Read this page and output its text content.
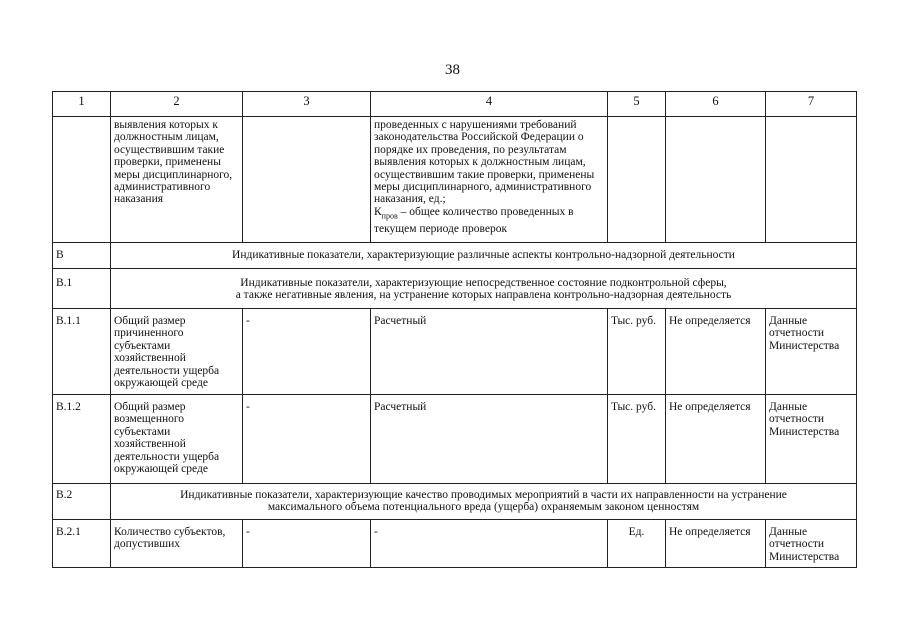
38
1	2	3	4	5	6	7
	выявления которых к должностным лицам, осуществившим такие проверки, применены меры дисциплинарного, административного наказания		проведенных с нарушениями требований законодательства Российской Федерации о порядке их проведения, по результатам выявления которых к должностным лицам, осуществившим такие проверки, применены меры дисциплинарного, административного наказания, ед.;
$К_{пров}$ – общее количество проведенных в текущем периоде проверок			
В	Индикативные показатели, характеризующие различные аспекты контрольно-надзорной деятельности					
В.1	Индикативные показатели, характеризующие непосредственное состояние подконтрольной сферы,
а также негативные явления, на устранение которых направлена контрольно-надзорная деятельность					
В.1.1	Общий размер причиненного субъектами хозяйственной деятельности ущерба окружающей среде	-	Расчетный	Тыс. руб.	Не определяется	Данные отчетности Министерства
В.1.2	Общий размер возмещенного субъектами хозяйственной деятельности ущерба окружающей среде	-	Расчетный	Тыс. руб.	Не определяется	Данные отчетности Министерства
В.2	Индикативные показатели, характеризующие качество проводимых мероприятий в части их направленности на устранение
максимального объема потенциального вреда (ущерба) охраняемым законом ценностям					
В.2.1	Количество субъектов, допустивших	-	-	Ед.	Не определяется	Данные отчетности Министерства
